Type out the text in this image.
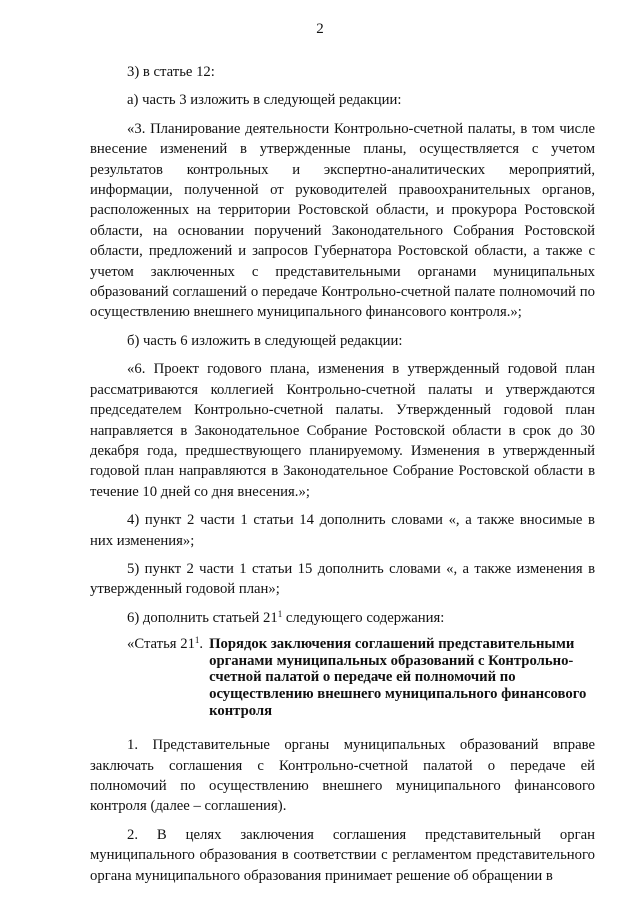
2

3) в статье 12:

а) часть 3 изложить в следующей редакции:

«3. Планирование деятельности Контрольно-счетной палаты, в том числе внесение изменений в утвержденные планы, осуществляется с учетом результатов контрольных и экспертно-аналитических мероприятий, информации, полученной от руководителей правоохранительных органов, расположенных на территории Ростовской области, и прокурора Ростовской области, на основании поручений Законодательного Собрания Ростовской области, предложений и запросов Губернатора Ростовской области, а также с учетом заключенных с представительными органами муниципальных образований соглашений о передаче Контрольно-счетной палате полномочий по осуществлению внешнего муниципального финансового контроля.»;

б) часть 6 изложить в следующей редакции:

«6. Проект годового плана, изменения в утвержденный годовой план рассматриваются коллегией Контрольно-счетной палаты и утверждаются председателем Контрольно-счетной палаты. Утвержденный годовой план направляется в Законодательное Собрание Ростовской области в срок до 30 декабря года, предшествующего планируемому. Изменения в утвержденный годовой план направляются в Законодательное Собрание Ростовской области в течение 10 дней со дня внесения.»;

4) пункт 2 части 1 статьи 14 дополнить словами «, а также вносимые в них изменения»;

5) пункт 2 части 1 статьи 15 дополнить словами «, а также изменения в утвержденный годовой план»;

6) дополнить статьей $21^1$ следующего содержания:

«Статья $21^1$. Порядок заключения соглашений представительными органами муниципальных образований с Контрольно-счетной палатой о передаче ей полномочий по осуществлению внешнего муниципального финансового контроля

1. Представительные органы муниципальных образований вправе заключать соглашения с Контрольно-счетной палатой о передаче ей полномочий по осуществлению внешнего муниципального финансового контроля (далее – соглашения).

2. В целях заключения соглашения представительный орган муниципального образования в соответствии с регламентом представительного органа муниципального образования принимает решение об обращении в
